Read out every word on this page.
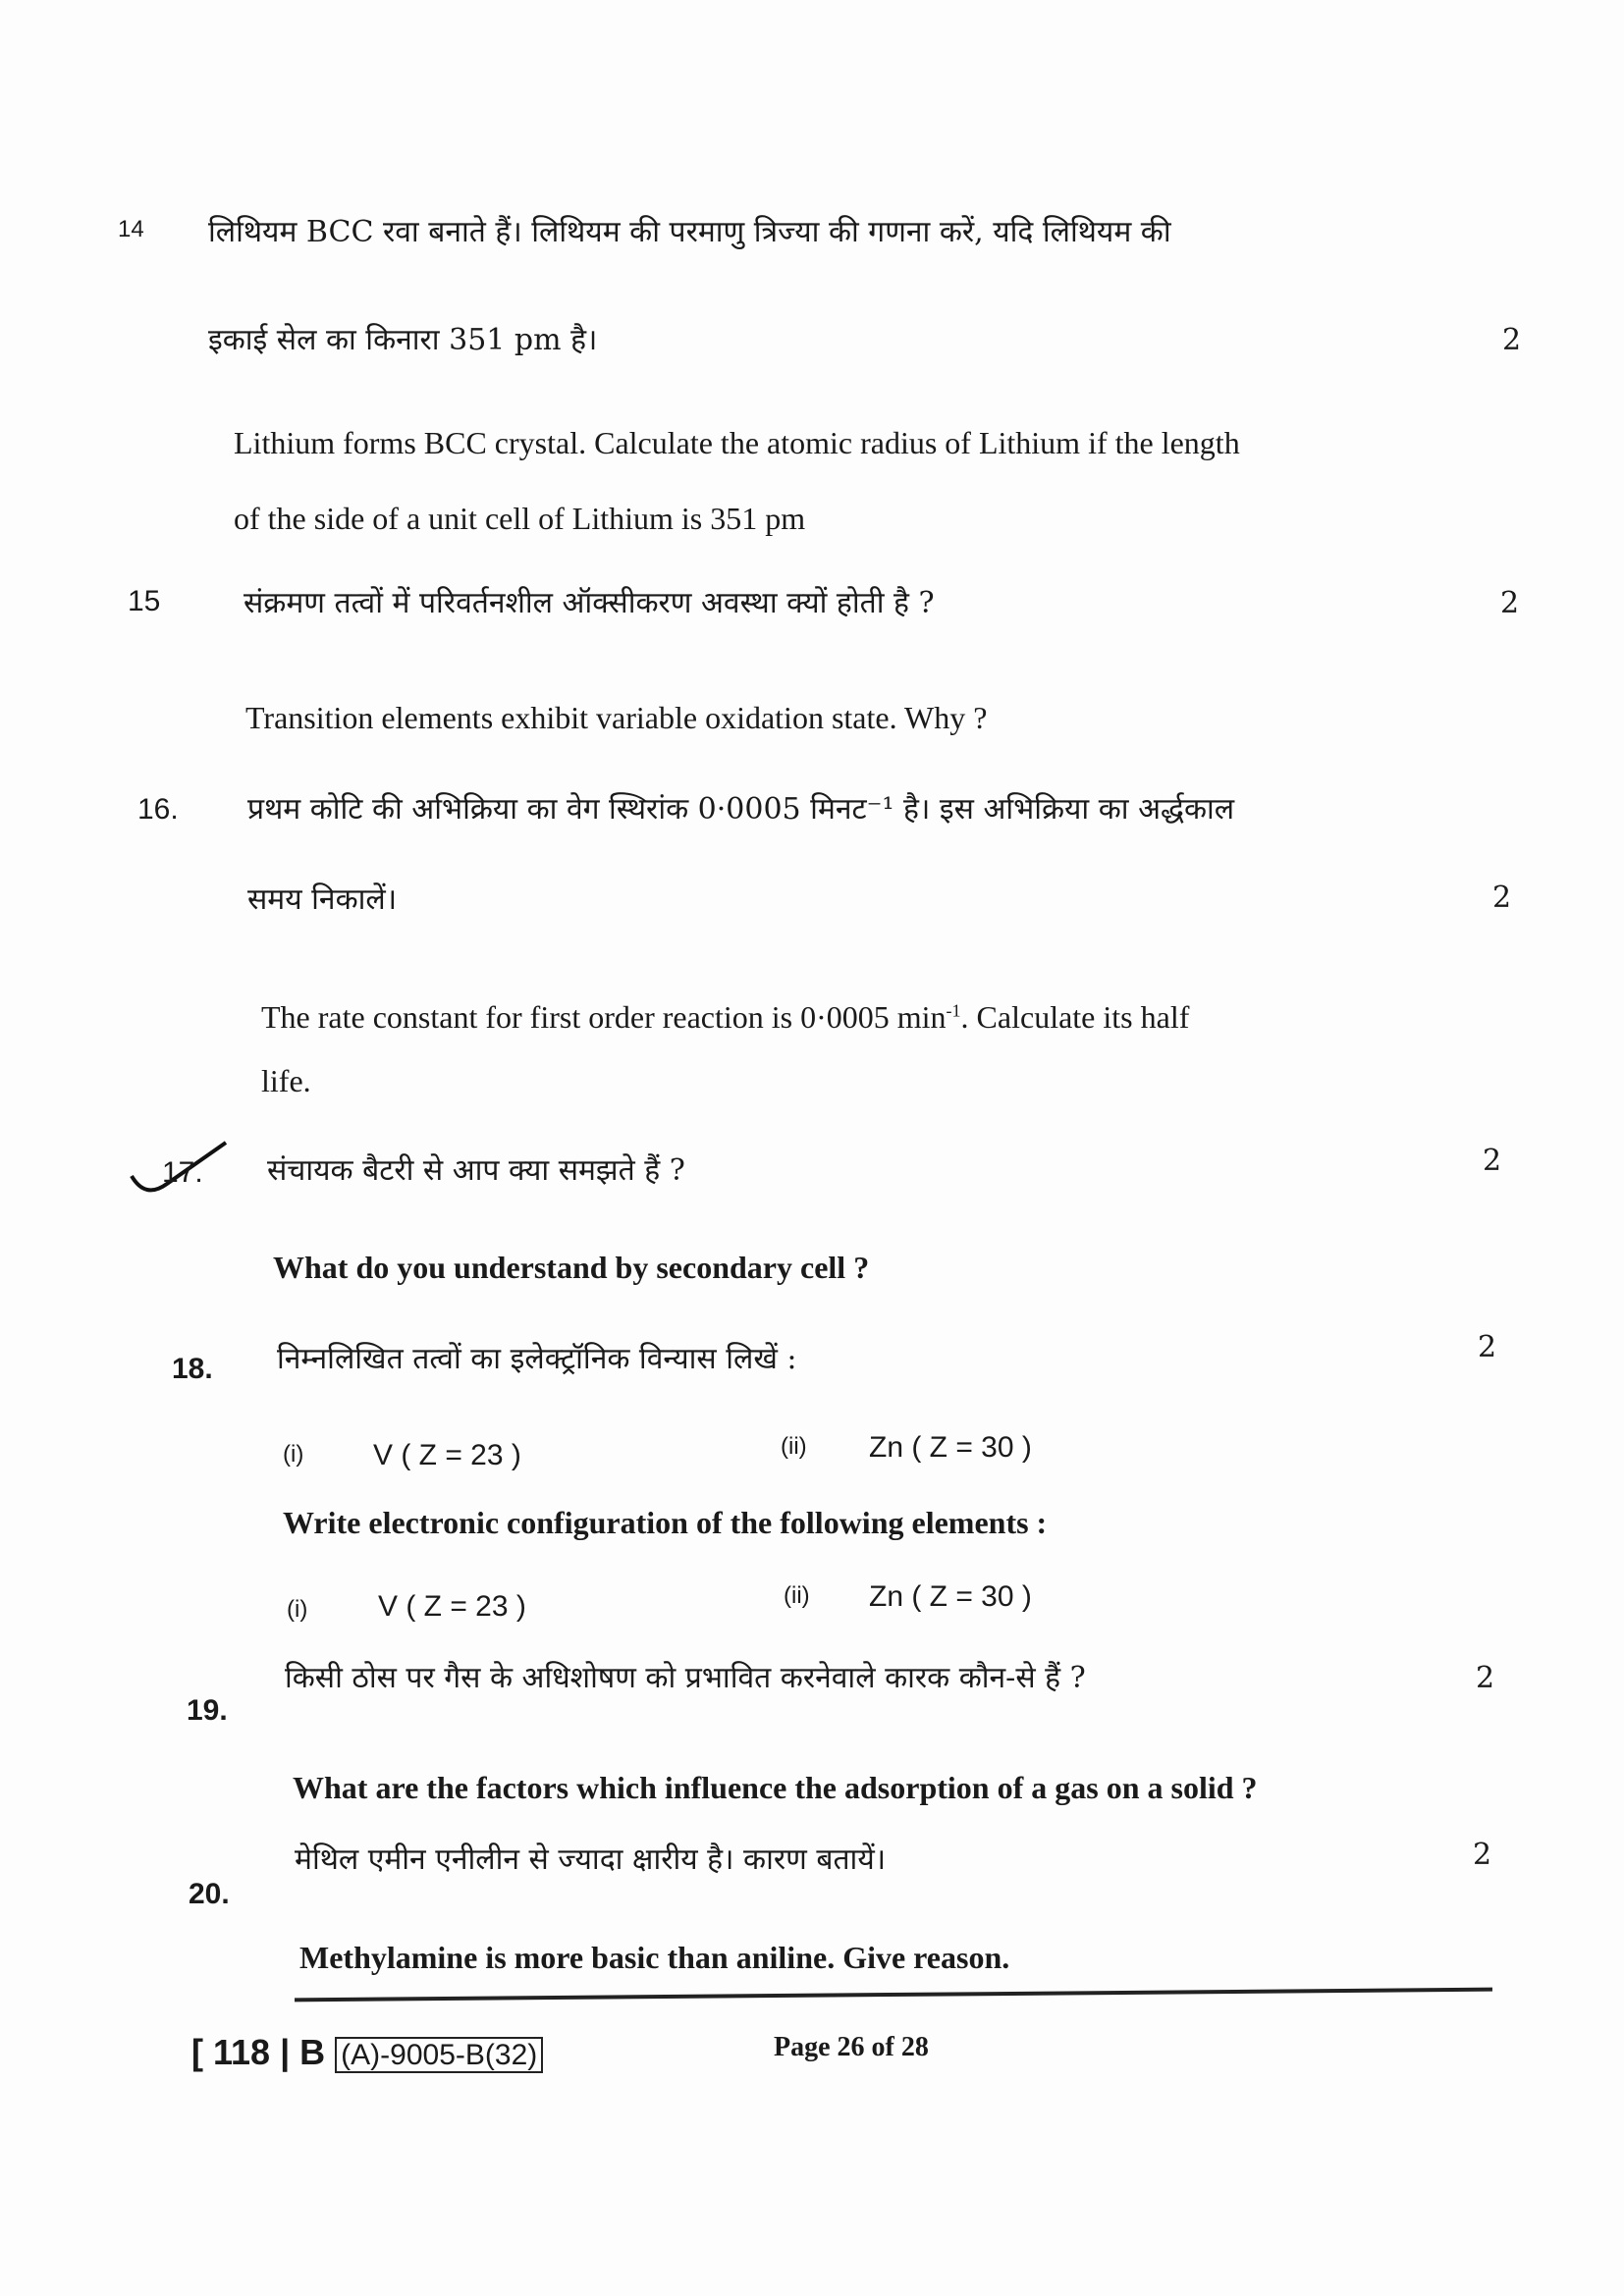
14 लिथियम BCC रवा बनाते हैं। लिथियम की परमाणु त्रिज्या की गणना करें, यदि लिथियम की
इकाई सेल का किनारा 351 pm है।	2
Lithium forms BCC crystal. Calculate the atomic radius of Lithium if the length
of the side of a unit cell of Lithium is 351 pm
15	संक्रमण तत्वों में परिवर्तनशील ऑक्सीकरण अवस्था क्यों होती है ?	2
Transition elements exhibit variable oxidation state. Why ?
16. प्रथम कोटि की अभिक्रिया का वेग स्थिरांक 0·0005 मिनट⁻¹ है। इस अभिक्रिया का अर्द्धकाल
समय निकालें।	2
The rate constant for first order reaction is 0·0005 $\min^{-1}$. Calculate its half
life.
17. संचायक बैटरी से आप क्या समझते हैं ?	2
What do you understand by secondary cell ?
18. निम्नलिखित तत्वों का इलेक्ट्रॉनिक विन्यास लिखें :	2
(i) V ( Z = 23 )	(ii) Zn ( Z = 30 )
Write electronic configuration of the following elements :
(i) V ( Z = 23 )	(ii) Zn ( Z = 30 )
19.
किसी ठोस पर गैस के अधिशोषण को प्रभावित करनेवाले कारक कौन-से हैं ?	2
What are the factors which influence the adsorption of a gas on a solid ?
20.
मेथिल एमीन एनीलीन से ज्यादा क्षारीय है। कारण बतायें।	2
Methylamine is more basic than aniline. Give reason.
[ 118 | B (A)-9005-B(32)	Page 26 of 28
